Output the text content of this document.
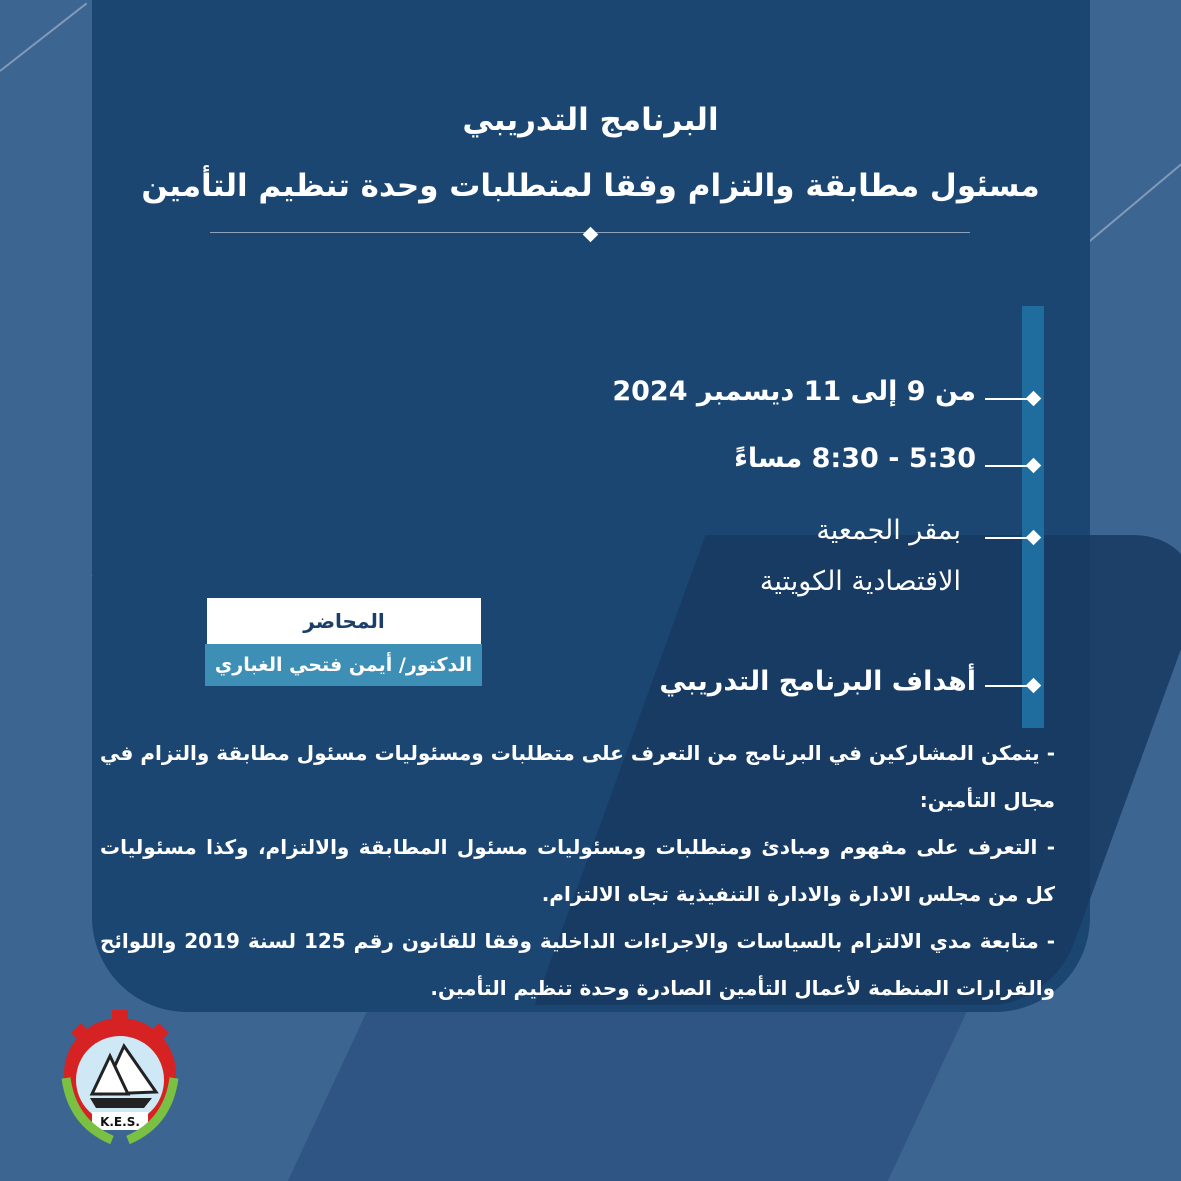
البرنامج التدريبي
مسئول مطابقة والتزام وفقا لمتطلبات وحدة تنظيم التأمين
من 9 إلى 11 ديسمبر 2024
5:30 - 8:30 مساءً
بمقر الجمعية
الاقتصادية الكويتية
أهداف البرنامج التدريبي
المحاضر
الدكتور/ أيمن فتحي الغباري

- يتمكن المشاركين في البرنامج من التعرف على متطلبات ومسئوليات مسئول مطابقة والتزام في مجال التأمين:

- التعرف على مفهوم ومبادئ ومتطلبات ومسئوليات مسئول المطابقة والالتزام، وكذا مسئوليات كل من مجلس الادارة والادارة التنفيذية تجاه الالتزام.

- متابعة مدي الالتزام بالسياسات والاجراءات الداخلية وفقا للقانون رقم 125 لسنة 2019 واللوائح والقرارات المنظمة لأعمال التأمين الصادرة وحدة تنظيم التأمين.

K.E.S.
